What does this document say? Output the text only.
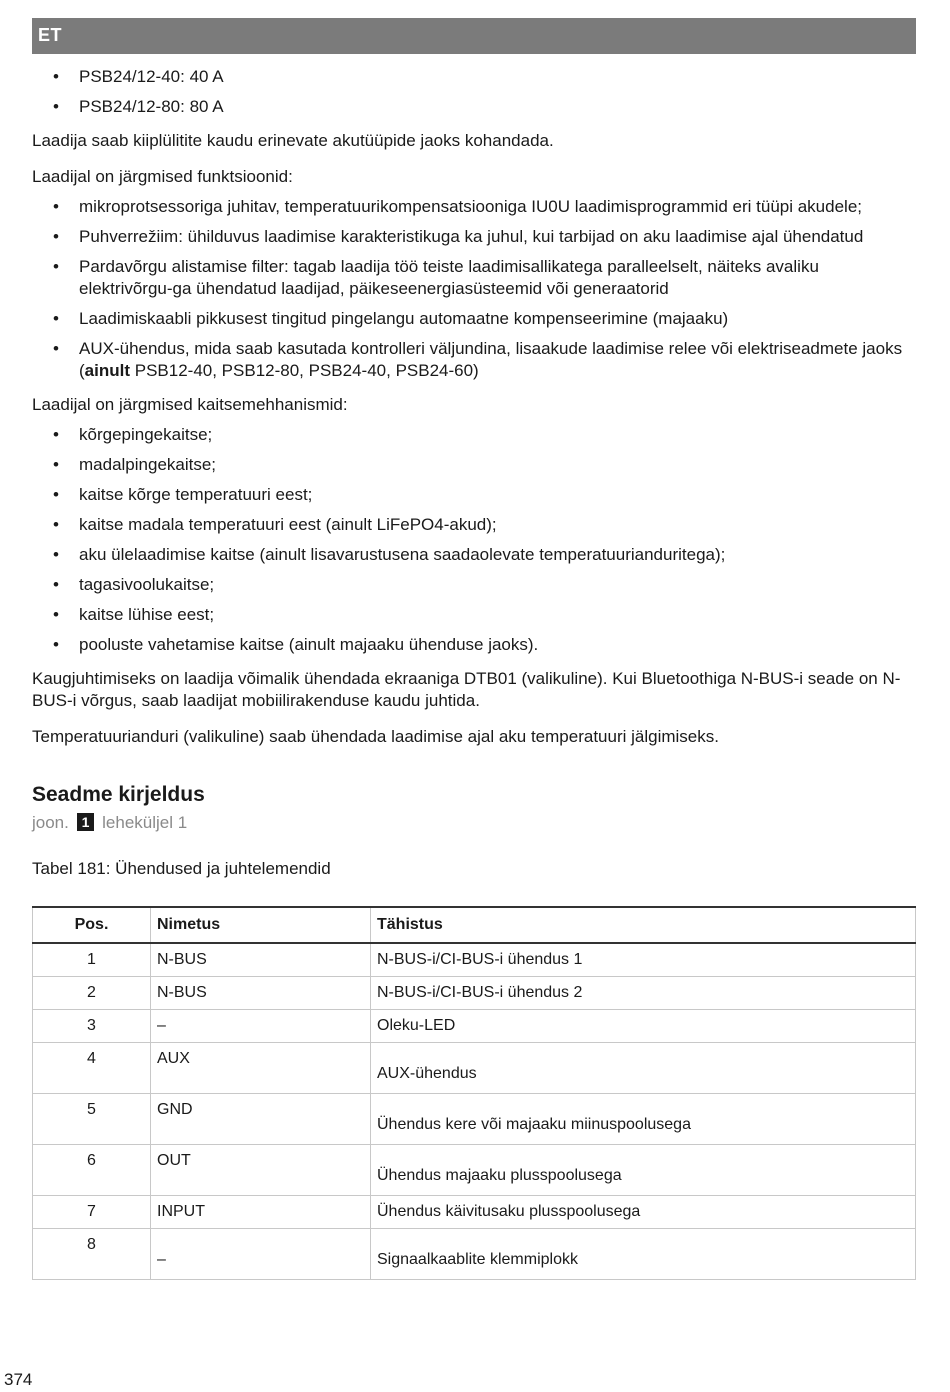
ET
• PSB24/12-40: 40 A
• PSB24/12-80: 80 A

Laadija saab kiiplülitite kaudu erinevate akutüüpide jaoks kohandada.

Laadijal on järgmised funktsioonid:

• mikroprotsessoriga juhitav, temperatuurikompensatsiooniga IU0U laadimisprogrammid eri tüüpi akudele;
• Puhverrežiim: ühilduvus laadimise karakteristikuga ka juhul, kui tarbijad on aku laadimise ajal ühendatud
• Pardavõrgu alistamise filter: tagab laadija töö teiste laadimisallikatega paralleelselt, näiteks avaliku elektrivõrgu-ga ühendatud laadijad, päikeseenergiasüsteemid või generaatorid
• Laadimiskaabli pikkusest tingitud pingelangu automaatne kompenseerimine (majaaku)
• AUX-ühendus, mida saab kasutada kontrolleri väljundina, lisaakude laadimise relee või elektriseadmete jaoks (ainult PSB12-40, PSB12-80, PSB24-40, PSB24-60)

Laadijal on järgmised kaitsemehhanismid:

• kõrgepingekaitse;
• madalpingekaitse;
• kaitse kõrge temperatuuri eest;
• kaitse madala temperatuuri eest (ainult LiFePO4-akud);
• aku ülelaadimise kaitse (ainult lisavarustusena saadaolevate temperatuurianduritega);
• tagasivoolukaitse;
• kaitse lühise eest;
• pooluste vahetamise kaitse (ainult majaaku ühenduse jaoks).

Kaugjuhtimiseks on laadija võimalik ühendada ekraaniga DTB01 (valikuline). Kui Bluetoothiga N-BUS-i seade on N-BUS-i võrgus, saab laadijat mobiilirakenduse kaudu juhtida.

Temperatuurianduri (valikuline) saab ühendada laadimise ajal aku temperatuuri jälgimiseks.

Seadme kirjeldus
joon. 1 leheküljel 1
Tabel 181: Ühendused ja juhtelemendid
Pos.	Nimetus	Tähistus
1	N-BUS	N-BUS-i/CI-BUS-i ühendus 1
2	N-BUS	N-BUS-i/CI-BUS-i ühendus 2
3	–	Oleku-LED
4	AUX	AUX-ühendus
5	GND	Ühendus kere või majaaku miinuspoolusega
6	OUT	Ühendus majaaku plusspoolusega
7	INPUT	Ühendus käivitusaku plusspoolusega
8	–	Signaalkaablite klemmiplokk
374
